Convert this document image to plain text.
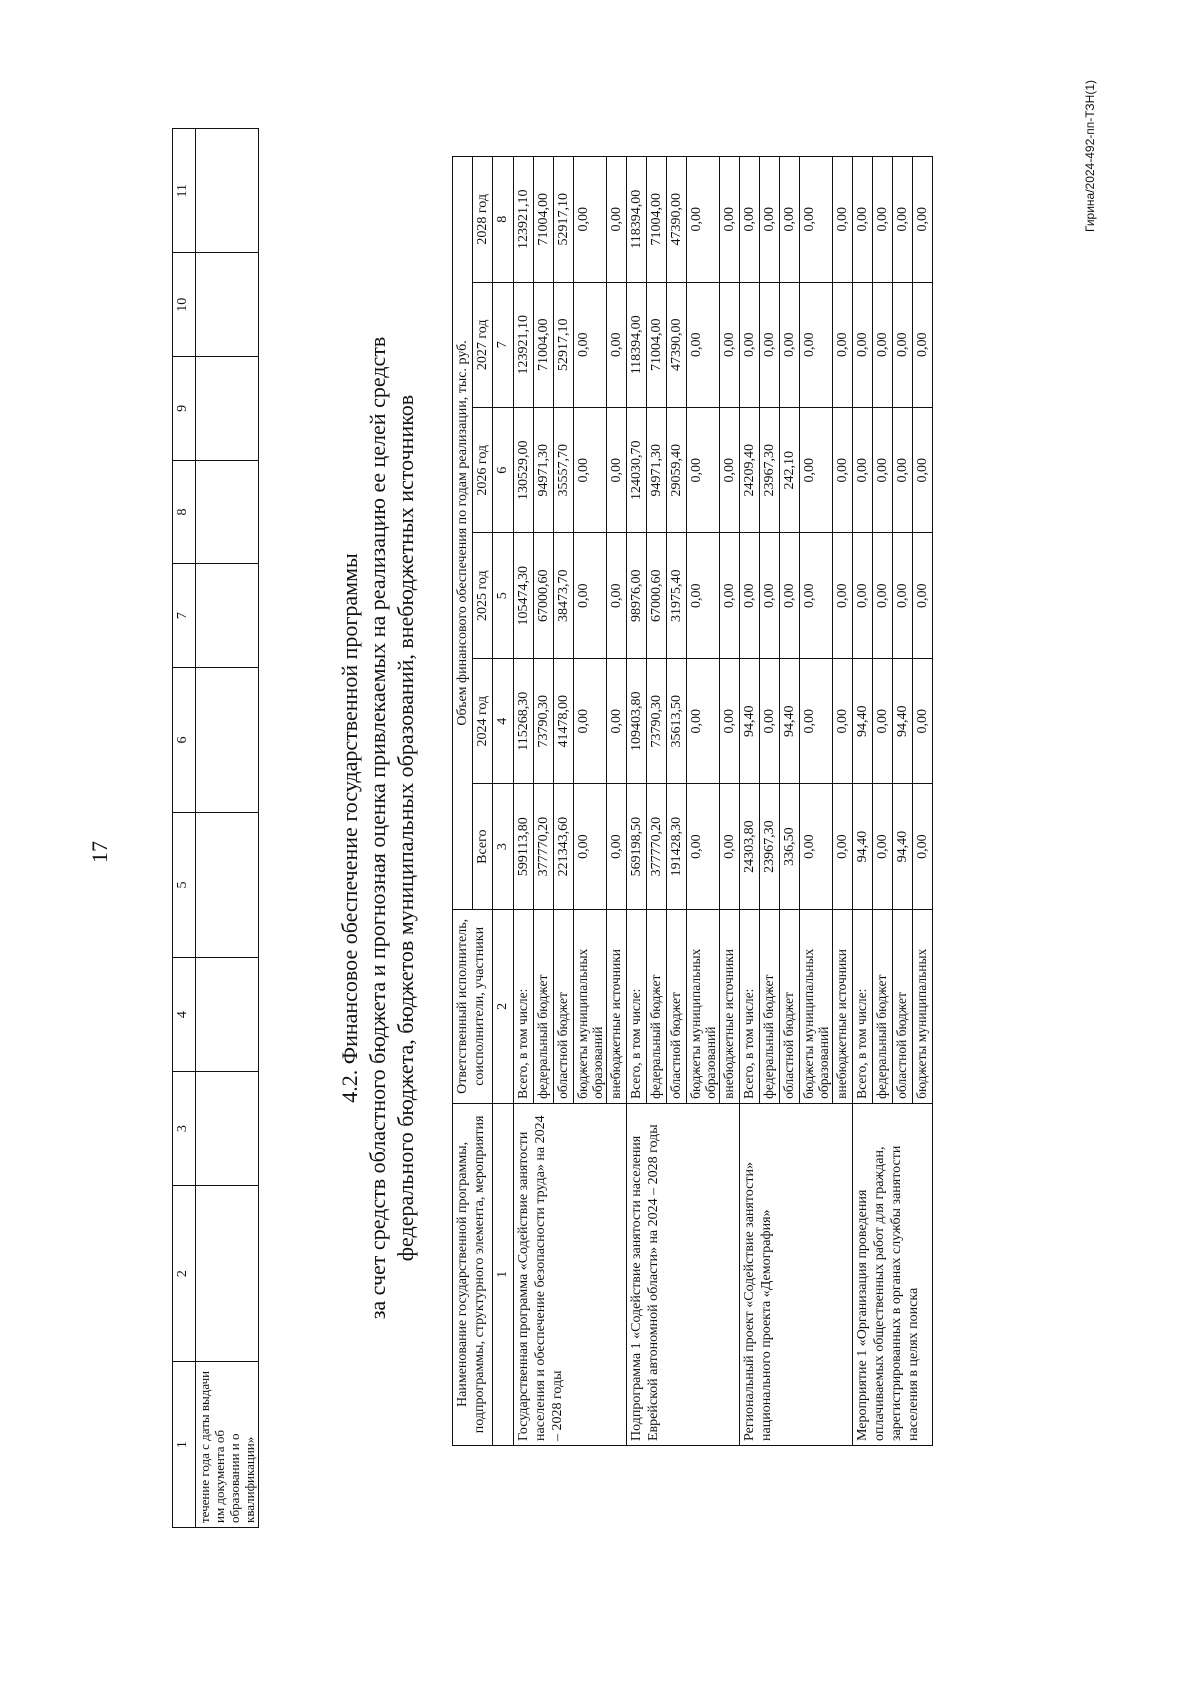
17
1	2	3	4	5	6	7	8	9	10	11
течение года с даты выдачи им документа об образовании и о квалификации»										
4.2. Финансовое обеспечение государственной программы за счет средств областного бюджета и прогнозная оценка привлекаемых на реализацию ее целей средств федерального бюджета, бюджетов муниципальных образований, внебюджетных источников
Наименование государственной программы, подпрограммы, структурного элемента, мероприятия	Ответственный исполнитель, соисполнители, участники	Объем финансового обеспечения по годам реализации, тыс. руб.					
		Всего	2024 год	2025 год	2026 год	2027 год	2028 год
1	2	3	4	5	6	7	8
Государственная программа «Содействие занятости населения и обеспечение безопасности труда» на 2024 – 2028 годы	Всего, в том числе:	599113,80	115268,30	105474,30	130529,00	123921,10	123921,10
	федеральный бюджет	377770,20	73790,30	67000,60	94971,30	71004,00	71004,00
	областной бюджет	221343,60	41478,00	38473,70	35557,70	52917,10	52917,10
	бюджеты муниципальных образований	0,00	0,00	0,00	0,00	0,00	0,00
	внебюджетные источники	0,00	0,00	0,00	0,00	0,00	0,00
Подпрограмма 1 «Содействие занятости населения Еврейской автономной области» на 2024 – 2028 годы	Всего, в том числе:	569198,50	109403,80	98976,00	124030,70	118394,00	118394,00
	федеральный бюджет	377770,20	73790,30	67000,60	94971,30	71004,00	71004,00
	областной бюджет	191428,30	35613,50	31975,40	29059,40	47390,00	47390,00
	бюджеты муниципальных образований	0,00	0,00	0,00	0,00	0,00	0,00
	внебюджетные источники	0,00	0,00	0,00	0,00	0,00	0,00
Региональный проект «Содействие занятости» национального проекта «Демография»	Всего, в том числе:	24303,80	94,40	0,00	24209,40	0,00	0,00
	федеральный бюджет	23967,30	0,00	0,00	23967,30	0,00	0,00
	областной бюджет	336,50	94,40	0,00	242,10	0,00	0,00
	бюджеты муниципальных образований	0,00	0,00	0,00	0,00	0,00	0,00
	внебюджетные источники	0,00	0,00	0,00	0,00	0,00	0,00
Мероприятие 1 «Организация проведения оплачиваемых общественных работ для граждан, зарегистрированных в органах службы занятости населения в целях поиска	Всего, в том числе:	94,40	94,40	0,00	0,00	0,00	0,00
	федеральный бюджет	0,00	0,00	0,00	0,00	0,00	0,00
	областной бюджет	94,40	94,40	0,00	0,00	0,00	0,00
	бюджеты муниципальных	0,00	0,00	0,00	0,00	0,00	0,00	Гирина/2024-492-пп-ТЗН(1)
